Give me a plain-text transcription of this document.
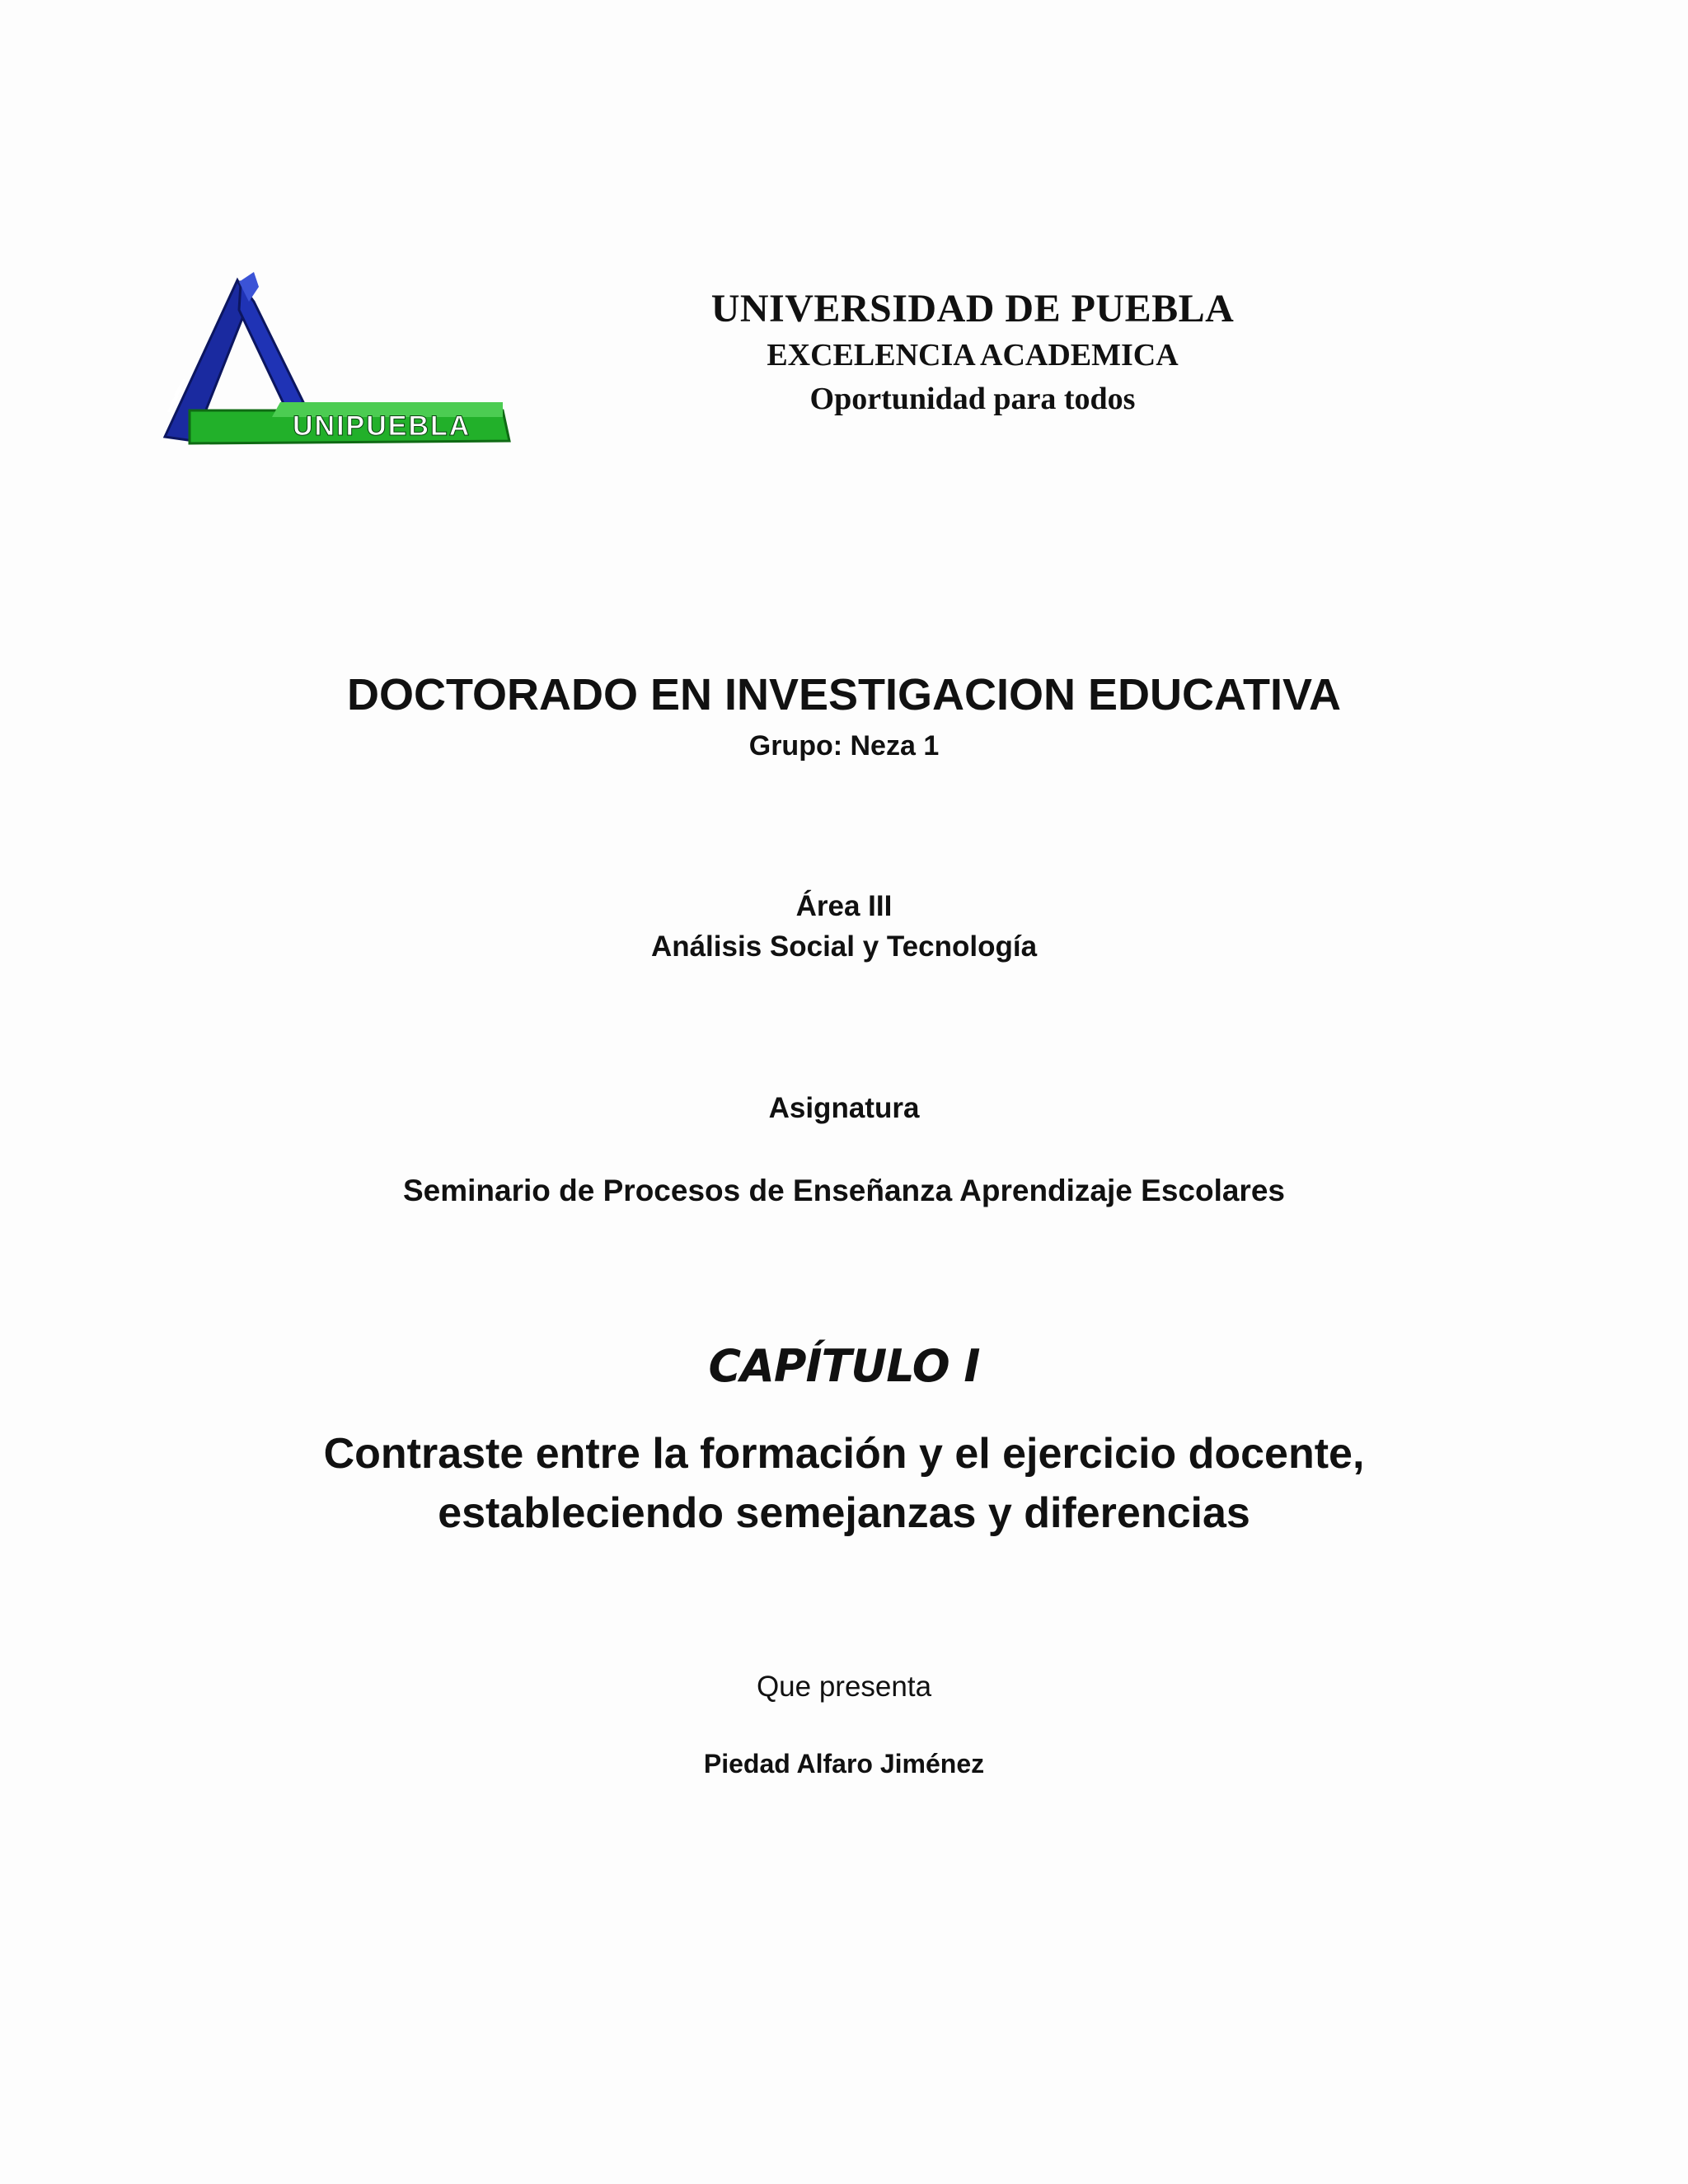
UNIPUEBLA
UNIVERSIDAD DE PUEBLA
EXCELENCIA ACADEMICA
Oportunidad para todos
DOCTORADO EN INVESTIGACION EDUCATIVA
Grupo: Neza 1
Área III
Análisis Social y Tecnología
Asignatura
Seminario de Procesos de Enseñanza Aprendizaje Escolares
CAPÍTULO I
Contraste entre la formación y el ejercicio docente,
estableciendo semejanzas y diferencias
Que presenta
Piedad Alfaro Jiménez
